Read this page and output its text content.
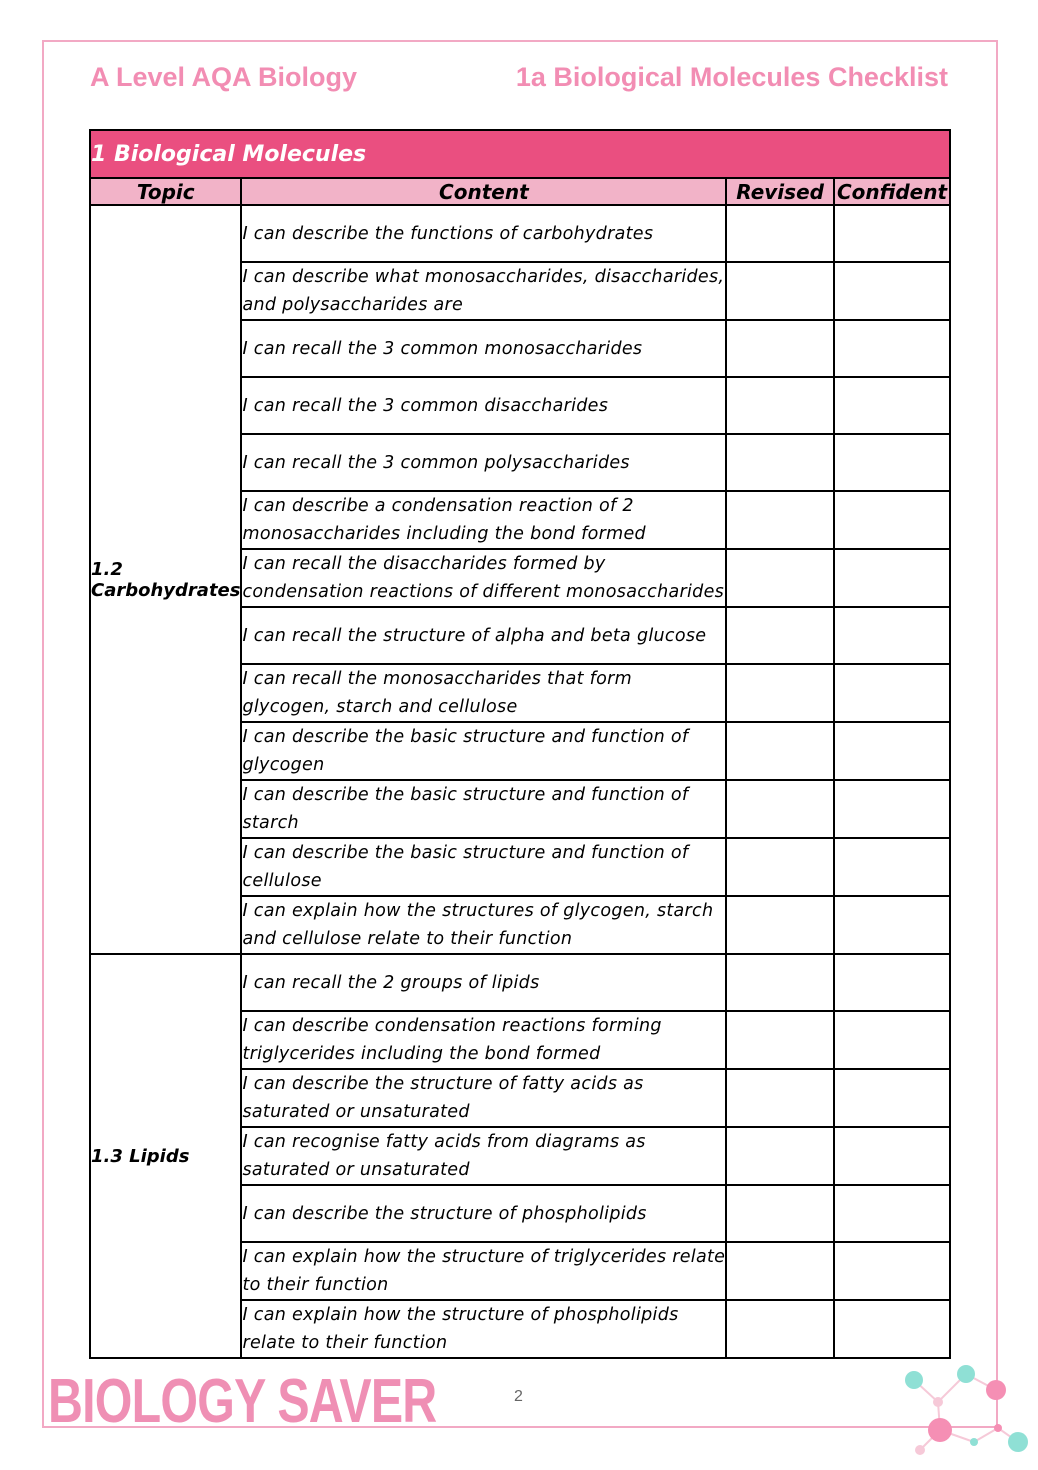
A Level AQA Biology	1a Biological Molecules Checklist
1 Biological Molecules			
Topic	Content	Revised	Confident
1.2 Carbohydrates	I can describe the functions of carbohydrates		
	I can describe what monosaccharides, disaccharides, and polysaccharides are		
	I can recall the 3 common monosaccharides		
	I can recall the 3 common disaccharides		
	I can recall the 3 common polysaccharides		
	I can describe a condensation reaction of 2 monosaccharides including the bond formed		
	I can recall the disaccharides formed by condensation reactions of different monosaccharides		
	I can recall the structure of alpha and beta glucose		
	I can recall the monosaccharides that form glycogen, starch and cellulose		
	I can describe the basic structure and function of glycogen		
	I can describe the basic structure and function of starch		
	I can describe the basic structure and function of cellulose		
	I can explain how the structures of glycogen, starch and cellulose relate to their function		
1.3 Lipids	I can recall the 2 groups of lipids		
	I can describe condensation reactions forming triglycerides including the bond formed		
	I can describe the structure of fatty acids as saturated or unsaturated		
	I can recognise fatty acids from diagrams as saturated or unsaturated		
	I can describe the structure of phospholipids		
	I can explain how the structure of triglycerides relate to their function		
	I can explain how the structure of phospholipids relate to their function		
BIOLOGY SAVER	2
